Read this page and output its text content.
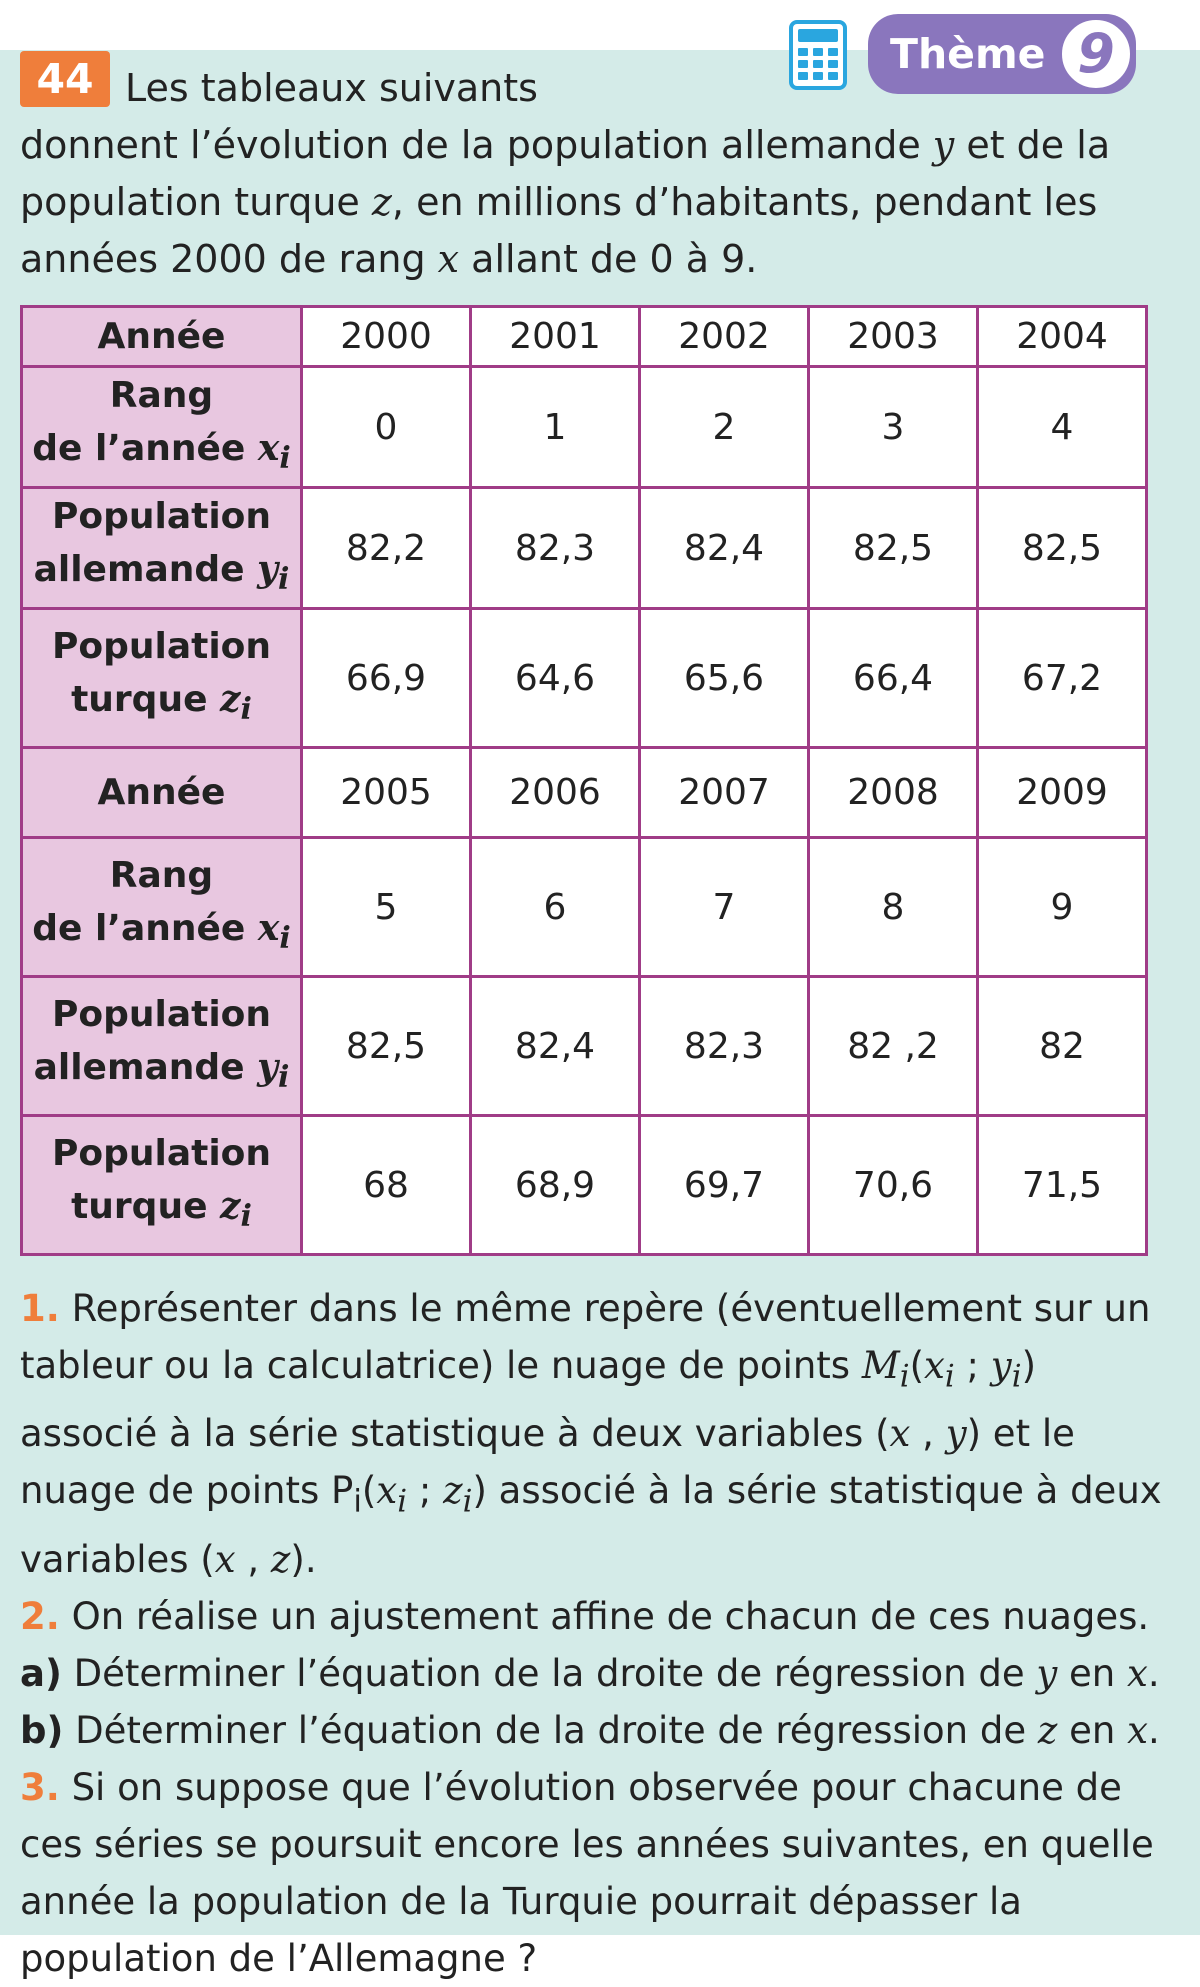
44
Thème 9
Les tableaux suivants
donnent l’évolution de la population allemande y et de la population turque z, en millions d’habitants, pendant les années 2000 de rang x allant de 0 à 9.
Année	2000	2001	2002	2003	2004
Rang
de l’année $x_i$	0	1	2	3	4
Population
allemande $y_i$	82,2	82,3	82,4	82,5	82,5
Population
turque $z_i$	66,9	64,6	65,6	66,4	67,2
Année	2005	2006	2007	2008	2009
Rang
de l’année $x_i$	5	6	7	8	9
Population
allemande $y_i$	82,5	82,4	82,3	82 ,2	82
Population
turque $z_i$	68	68,9	69,7	70,6	71,5
1. Représenter dans le même repère (éventuellement sur un tableur ou la calculatrice) le nuage de points $M_i(x_i$ ; $y_i$) associé à la série statistique à deux variables (x , y) et le nuage de points $P_i(x_i$ ; $z_i$) associé à la série statistique à deux variables (x , z).
2. On réalise un ajustement affine de chacun de ces nuages.
a) Déterminer l’équation de la droite de régression de y en x.
b) Déterminer l’équation de la droite de régression de z en x.
3. Si on suppose que l’évolution observée pour chacune de ces séries se poursuit encore les années suivantes, en quelle année la population de la Turquie pourrait dépasser la population de l’Allemagne ?
